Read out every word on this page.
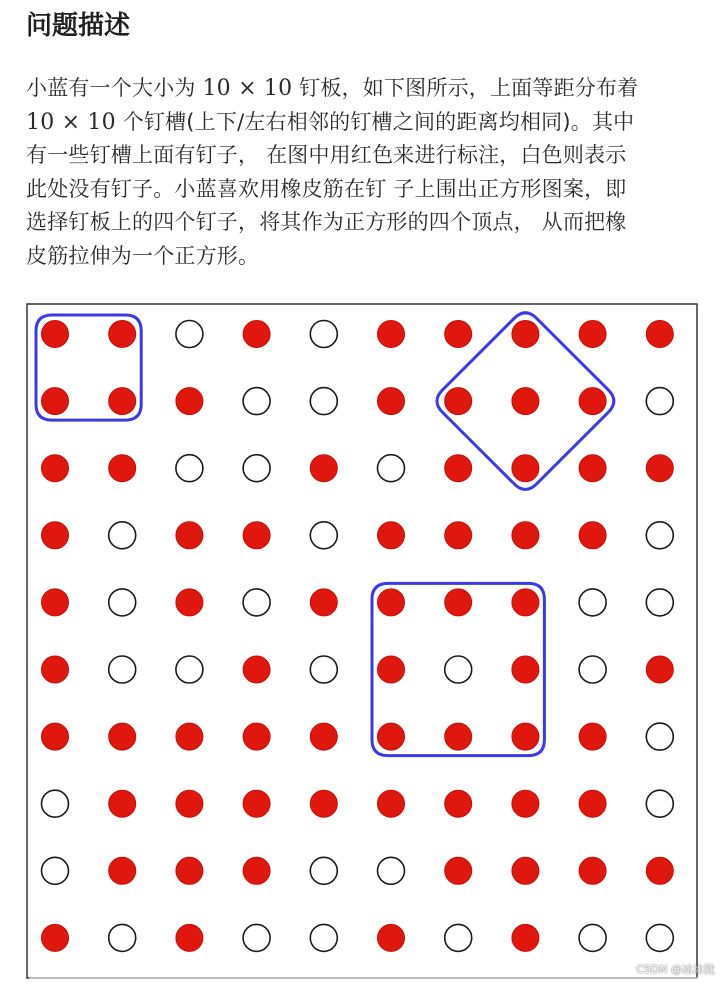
问题描述

小蓝有一个大小为 10 × 10 钉板，如下图所示，上面等距分布着
10 × 10 个钉槽(上下/左右相邻的钉槽之间的距离均相同)。其中
有一些钉槽上面有钉子， 在图中用红色来进行标注，白色则表示
此处没有钉子。小蓝喜欢用橡皮筋在钉 子上围出正方形图案，即
选择钉板上的四个钉子，将其作为正方形的四个顶点， 从而把橡
皮筋拉伸为一个正方形。

CSDN @冰冰批
